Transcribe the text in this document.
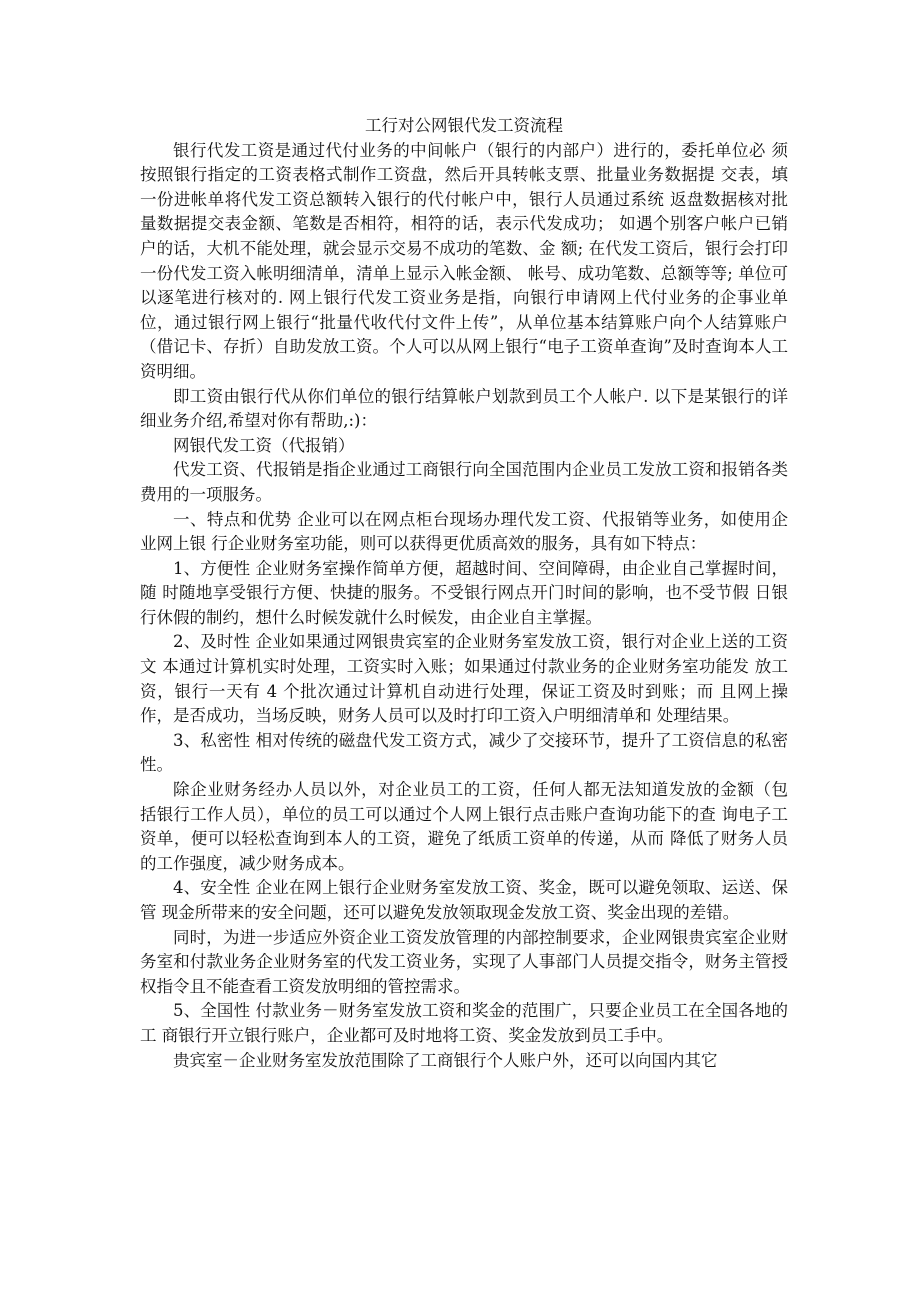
工行对公网银代发工资流程

银行代发工资是通过代付业务的中间帐户（银行的内部户）进行的，委托单位必 须按照银行指定的工资表格式制作工资盘，然后开具转帐支票、批量业务数据提 交表，填一份进帐单将代发工资总额转入银行的代付帐户中，银行人员通过系统 返盘数据核对批量数据提交表金额、笔数是否相符，相符的话，表示代发成功； 如遇个别客户帐户已销户的话，大机不能处理，就会显示交易不成功的笔数、金 额; 在代发工资后，银行会打印一份代发工资入帐明细清单，清单上显示入帐金额、 帐号、成功笔数、总额等等; 单位可以逐笔进行核对的. 网上银行代发工资业务是指，向银行申请网上代付业务的企事业单位，通过银行网上银行“批量代收代付文件上传”，从单位基本结算账户向个人结算账户（借记卡、存折）自助发放工资。个人可以从网上银行“电子工资单查询”及时查询本人工资明细。

即工资由银行代从你们单位的银行结算帐户划款到员工个人帐户. 以下是某银行的详细业务介绍,希望对你有帮助,:)：

网银代发工资（代报销）

代发工资、代报销是指企业通过工商银行向全国范围内企业员工发放工资和报销各类费用的一项服务。

一、特点和优势 企业可以在网点柜台现场办理代发工资、代报销等业务，如使用企业网上银 行企业财务室功能，则可以获得更优质高效的服务，具有如下特点：

1、方便性 企业财务室操作简单方便，超越时间、空间障碍，由企业自己掌握时间，随 时随地享受银行方便、快捷的服务。不受银行网点开门时间的影响，也不受节假 日银行休假的制约，想什么时候发就什么时候发，由企业自主掌握。

2、及时性 企业如果通过网银贵宾室的企业财务室发放工资，银行对企业上送的工资文 本通过计算机实时处理，工资实时入账；如果通过付款业务的企业财务室功能发 放工资，银行一天有 4 个批次通过计算机自动进行处理，保证工资及时到账；而 且网上操作，是否成功，当场反映，财务人员可以及时打印工资入户明细清单和 处理结果。

3、私密性 相对传统的磁盘代发工资方式，减少了交接环节，提升了工资信息的私密性。

除企业财务经办人员以外，对企业员工的工资，任何人都无法知道发放的金额（包 括银行工作人员），单位的员工可以通过个人网上银行点击账户查询功能下的查 询电子工资单，便可以轻松查询到本人的工资，避免了纸质工资单的传递，从而 降低了财务人员的工作强度，减少财务成本。

4、安全性 企业在网上银行企业财务室发放工资、奖金，既可以避免领取、运送、保管 现金所带来的安全问题，还可以避免发放领取现金发放工资、奖金出现的差错。

同时，为进一步适应外资企业工资发放管理的内部控制要求，企业网银贵宾室企业财务室和付款业务企业财务室的代发工资业务，实现了人事部门人员提交指令，财务主管授权指令且不能查看工资发放明细的管控需求。

5、全国性 付款业务－财务室发放工资和奖金的范围广，只要企业员工在全国各地的工 商银行开立银行账户，企业都可及时地将工资、奖金发放到员工手中。

贵宾室－企业财务室发放范围除了工商银行个人账户外，还可以向国内其它
